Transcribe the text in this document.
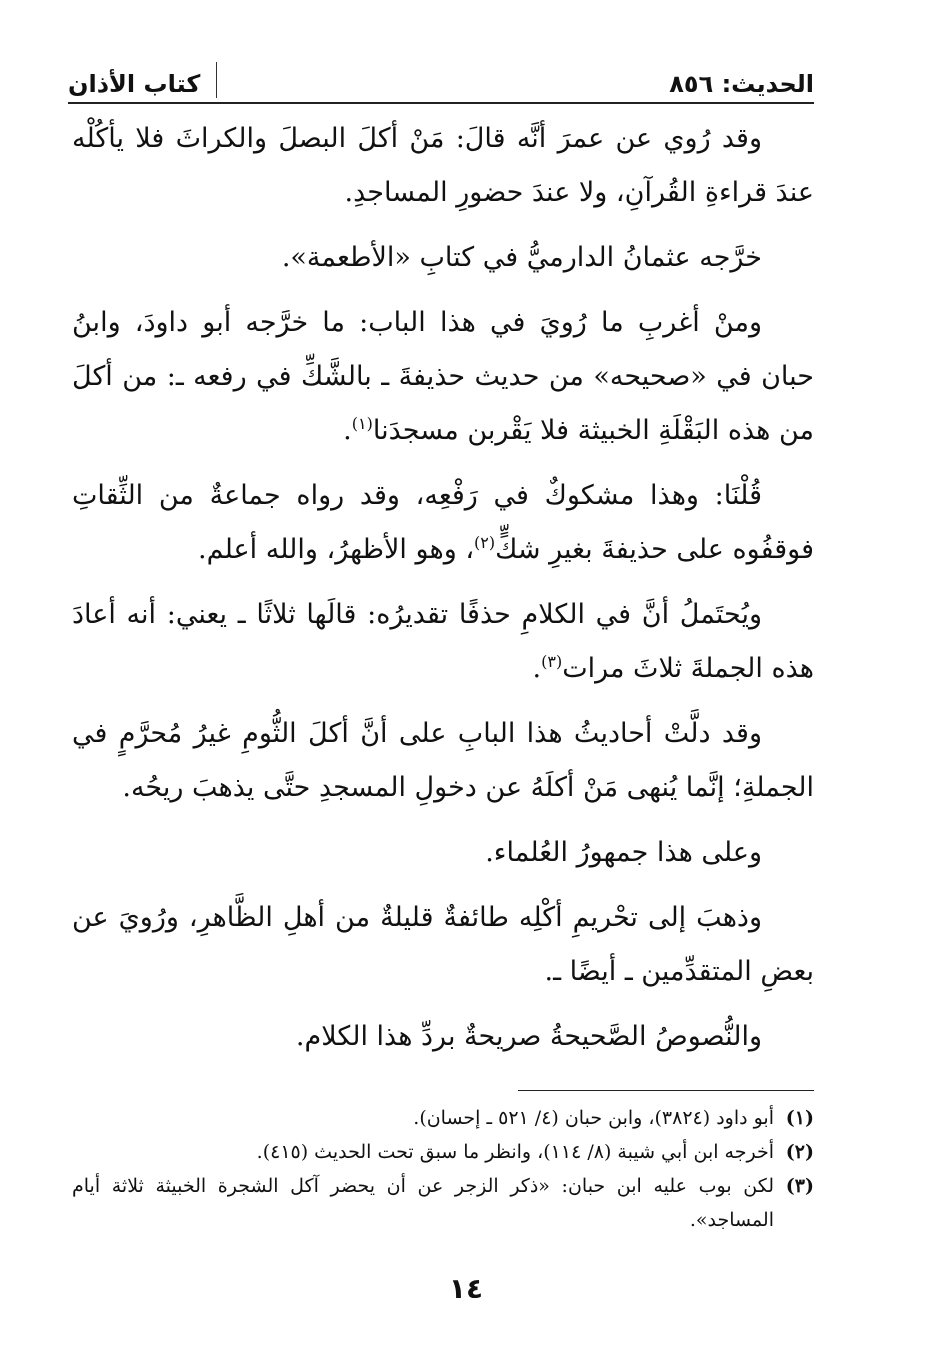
الحديث: ٨٥٦
كتاب الأذان

وقد رُوي عن عمرَ أنَّه قالَ: مَنْ أكلَ البصلَ والكراثَ فلا يأكُلْه عندَ قراءةِ القُرآنِ، ولا عندَ حضورِ المساجدِ.

خرَّجه عثمانُ الدارميُّ في كتابِ «الأطعمة».

ومنْ أغربِ ما رُويَ في هذا الباب: ما خرَّجه أبو داودَ، وابنُ حبان في «صحيحه» من حديث حذيفةَ ـ بالشَّكِّ في رفعه ـ: من أكلَ من هذه البَقْلَةِ الخبيثة فلا يَقْربن مسجدَنا$^{(١)}$.

قُلْنَا: وهذا مشكوكٌ في رَفْعِه، وقد رواه جماعةٌ من الثِّقاتِ فوقفُوه على حذيفةَ بغيرِ شكٍّ$^{(٢)}$، وهو الأظهرُ، والله أعلم.

ويُحتَملُ أنَّ في الكلامِ حذفًا تقديرُه: قالَها ثلاثًا ـ يعني: أنه أعادَ هذه الجملةَ ثلاثَ مرات$^{(٣)}$.

وقد دلَّتْ أحاديثُ هذا البابِ على أنَّ أكلَ الثُّومِ غيرُ مُحرَّمٍ في الجملةِ؛ إنَّما يُنهى مَنْ أكلَهُ عن دخولِ المسجدِ حتَّى يذهبَ ريحُه.

وعلى هذا جمهورُ العُلماء.

وذهبَ إلى تحْريمِ أكْلِه طائفةٌ قليلةٌ من أهلِ الظَّاهرِ، ورُويَ عن بعضِ المتقدِّمين ـ أيضًا ـ.

والنُّصوصُ الصَّحيحةُ صريحةٌ بردِّ هذا الكلام.

(١)أبو داود (٣٨٢٤)، وابن حبان (٤/ ٥٢١ ـ إحسان).

(٢)أخرجه ابن أبي شيبة (٨/ ١١٤)، وانظر ما سبق تحت الحديث (٤١٥).

(٣)لكن بوب عليه ابن حبان: «ذكر الزجر عن أن يحضر آكل الشجرة الخبيثة ثلاثة أيام المساجد».

١٤
